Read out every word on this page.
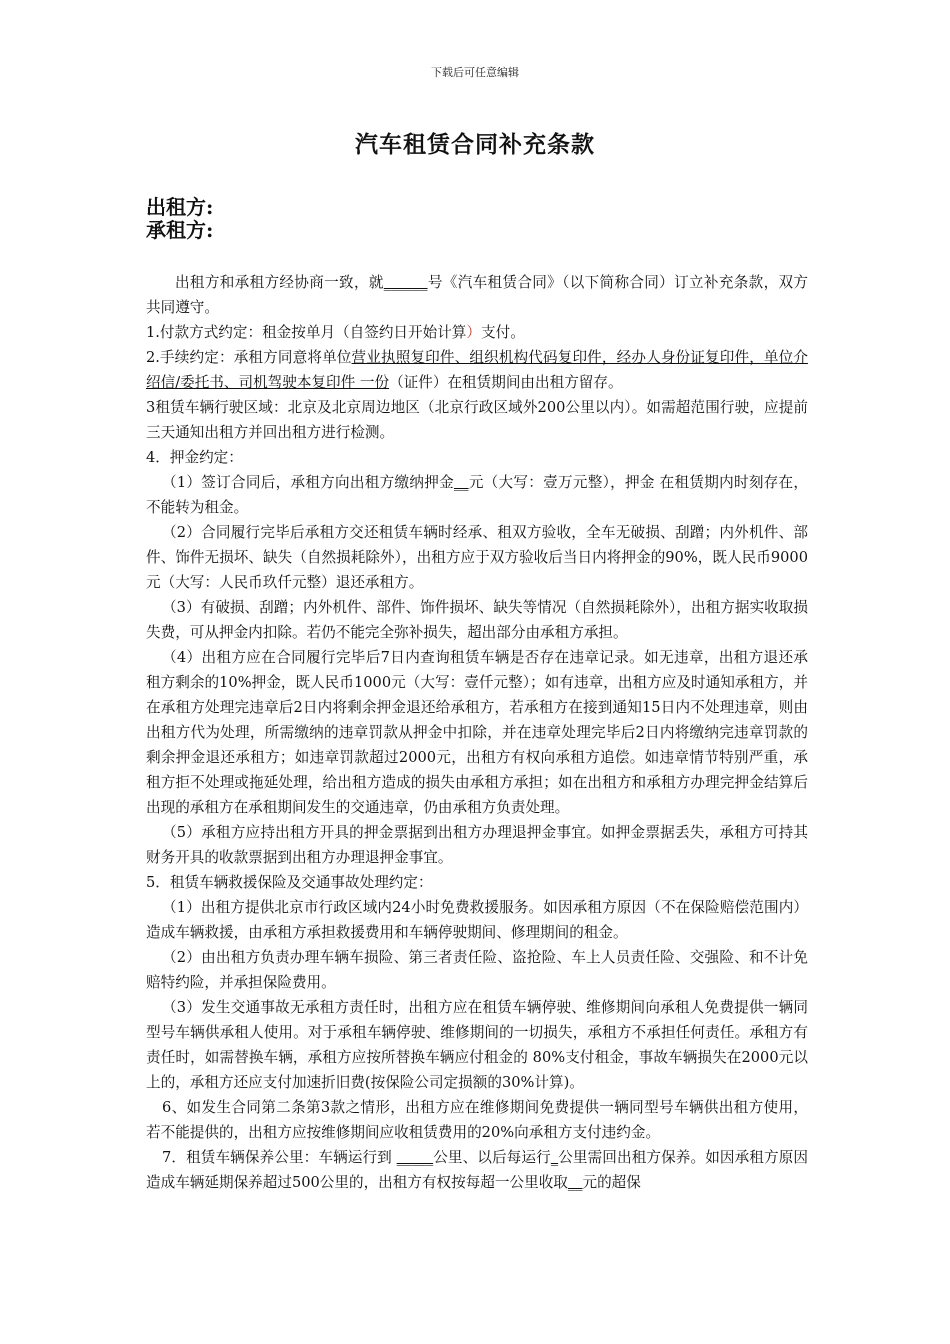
下载后可任意编辑
汽车租赁合同补充条款
出租方:
承租方:

出租方和承租方经协商一致，就______号《汽车租赁合同》（以下简称合同）订立补充条款，双方共同遵守。

1.付款方式约定：租金按单月（自签约日开始计算）支付。

2.手续约定：承租方同意将单位营业执照复印件、组织机构代码复印件，经办人身份证复印件，单位介绍信/委托书、司机驾驶本复印件 一份（证件）在租赁期间由出租方留存。

3租赁车辆行驶区域：北京及北京周边地区（北京行政区域外200公里以内）。如需超范围行驶，应提前三天通知出租方并回出租方进行检测。

4．押金约定：

（1）签订合同后，承租方向出租方缴纳押金__元（大写：壹万元整），押金 在租赁期内时刻存在，不能转为租金。

（2）合同履行完毕后承租方交还租赁车辆时经承、租双方验收，全车无破损、刮蹭；内外机件、部件、饰件无损坏、缺失（自然损耗除外），出租方应于双方验收后当日内将押金的90%，既人民币9000元（大写：人民币玖仟元整）退还承租方。

（3）有破损、刮蹭；内外机件、部件、饰件损坏、缺失等情况（自然损耗除外），出租方据实收取损失费，可从押金内扣除。若仍不能完全弥补损失，超出部分由承租方承担。

（4）出租方应在合同履行完毕后7日内查询租赁车辆是否存在违章记录。如无违章，出租方退还承租方剩余的10%押金，既人民币1000元（大写：壹仟元整）；如有违章，出租方应及时通知承租方，并在承租方处理完违章后2日内将剩余押金退还给承租方，若承租方在接到通知15日内不处理违章，则由出租方代为处理，所需缴纳的违章罚款从押金中扣除，并在违章处理完毕后2日内将缴纳完违章罚款的剩余押金退还承租方；如违章罚款超过2000元，出租方有权向承租方追偿。如违章情节特别严重，承租方拒不处理或拖延处理，给出租方造成的损失由承租方承担；如在出租方和承租方办理完押金结算后出现的承租方在承租期间发生的交通违章，仍由承租方负责处理。

（5）承租方应持出租方开具的押金票据到出租方办理退押金事宜。如押金票据丢失，承租方可持其财务开具的收款票据到出租方办理退押金事宜。

5．租赁车辆救援保险及交通事故处理约定：

（1）出租方提供北京市行政区域内24小时免费救援服务。如因承租方原因（不在保险赔偿范围内）造成车辆救援，由承租方承担救援费用和车辆停驶期间、修理期间的租金。

（2）由出租方负责办理车辆车损险、第三者责任险、盗抢险、车上人员责任险、交强险、和不计免赔特约险，并承担保险费用。

（3）发生交通事故无承租方责任时，出租方应在租赁车辆停驶、维修期间向承租人免费提供一辆同型号车辆供承租人使用。对于承租车辆停驶、维修期间的一切损失，承租方不承担任何责任。承租方有责任时，如需替换车辆，承租方应按所替换车辆应付租金的 80%支付租金，事故车辆损失在2000元以上的，承租方还应支付加速折旧费(按保险公司定损额的30%计算)。

6、如发生合同第二条第3款之情形，出租方应在维修期间免费提供一辆同型号车辆供出租方使用，若不能提供的，出租方应按维修期间应收租赁费用的20%向承租方支付违约金。

7．租赁车辆保养公里：车辆运行到 _____公里、以后每运行_公里需回出租方保养。如因承租方原因造成车辆延期保养超过500公里的，出租方有权按每超一公里收取__元的超保
